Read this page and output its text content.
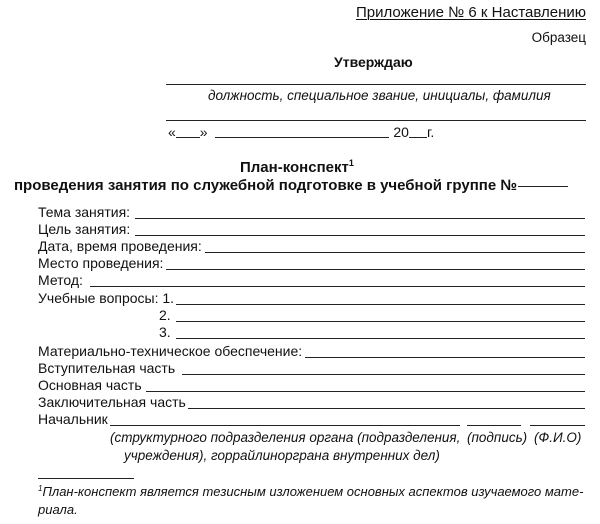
Приложение № 6 к Наставлению
Образец
Утверждаю
должность, специальное звание, инициалы, фамилия
« »	20 г.
План-конспект$^1$
проведения занятия по служебной подготовке в учебной группе №
Тема занятия:
Цель занятия:
Дата, время проведения:
Место проведения:
Метод:
Учебные вопросы: 1.
2.
3.
Материально-техническое обеспечение:
Вступительная часть
Основная часть
Заключительная часть
Начальник
(структурного подразделения органа (подразделения, (подпись) (Ф.И.О)
учреждения), горрайлинорграна внутренних дел)
$^1$План-конспект является тезисным изложением основных аспектов изучаемого мате-
риала.
